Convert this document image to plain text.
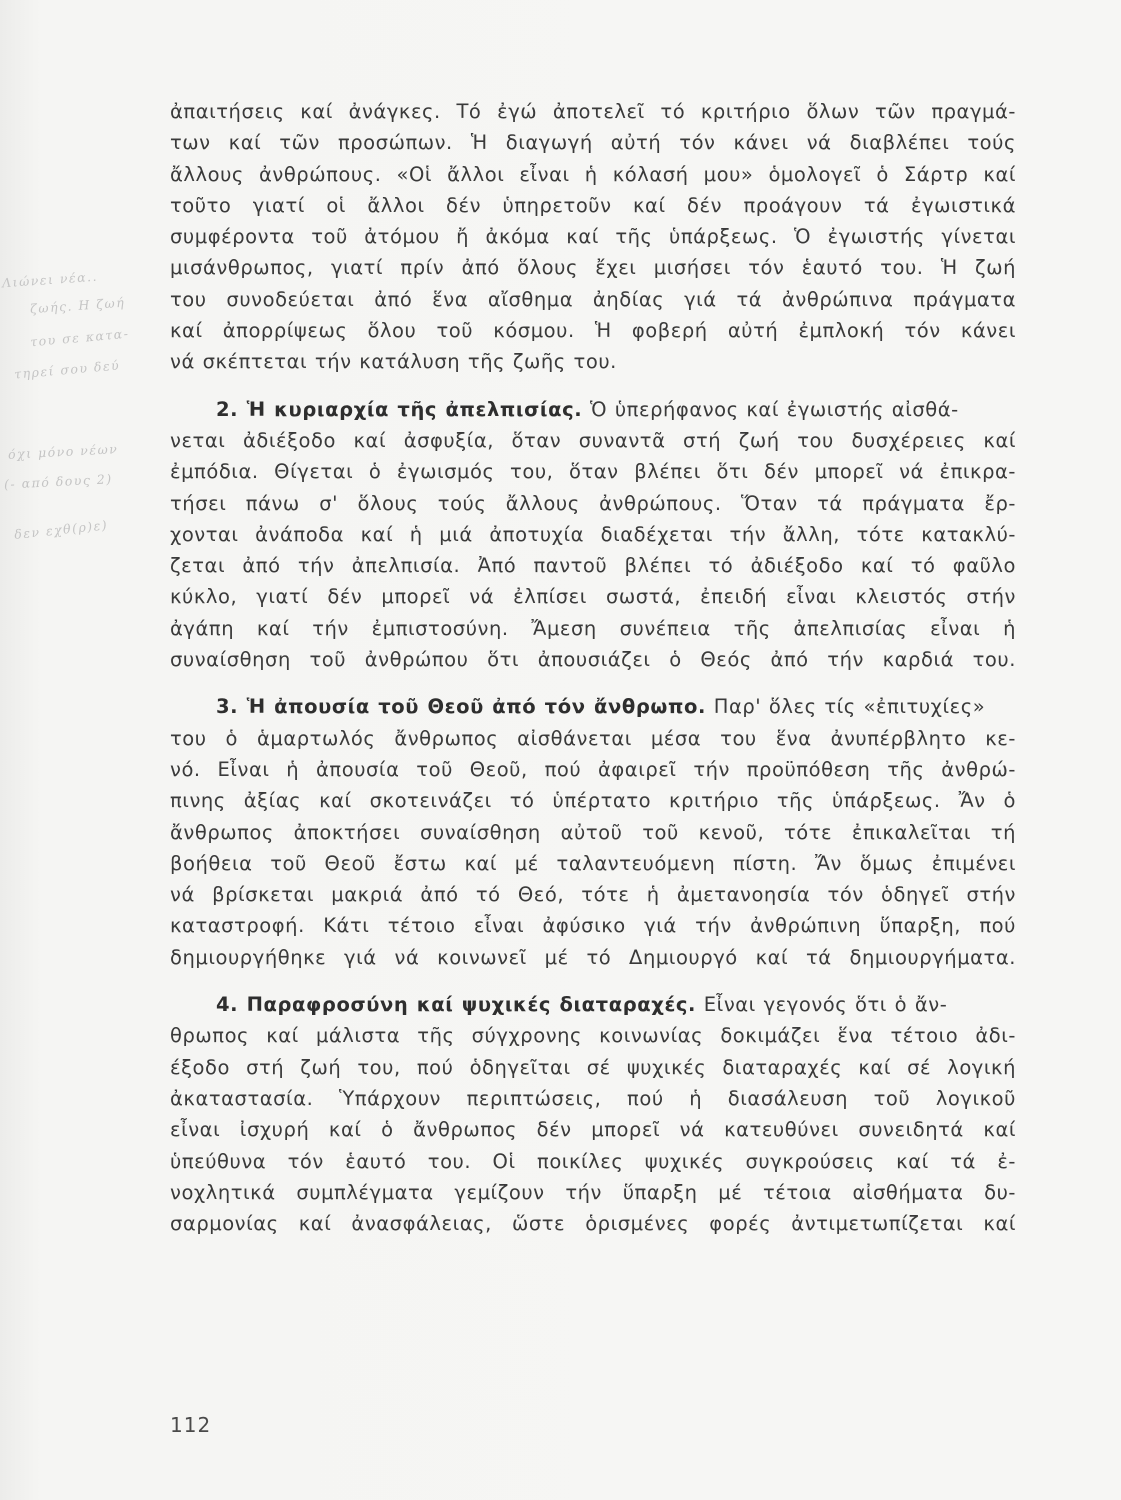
Λιώνει νέα..
ζωής. Η ζωή
του σε κατα-
τηρεί σου δεύ
όχι μόνο νέων
(- από δους 2)
δεν εχθ(ρ)ε)
ἀπαιτήσεις καί ἀνάγκες. Τό ἐγώ ἀποτελεῖ τό κριτήριο ὅλων τῶν πραγμά-
των καί τῶν προσώπων. Ἡ διαγωγή αὐτή τόν κάνει νά διαβλέπει τούς
ἄλλους ἀνθρώπους. «Οἱ ἄλλοι εἶναι ἡ κόλασή μου» ὁμολογεῖ ὁ Σάρτρ καί
τοῦτο γιατί οἱ ἄλλοι δέν ὑπηρετοῦν καί δέν προάγουν τά ἐγωιστικά
συμφέροντα τοῦ ἀτόμου ἤ ἀκόμα καί τῆς ὑπάρξεως. Ὁ ἐγωιστής γίνεται
μισάνθρωπος, γιατί πρίν ἀπό ὅλους ἔχει μισήσει τόν ἑαυτό του. Ἡ ζωή
του συνοδεύεται ἀπό ἕνα αἴσθημα ἀηδίας γιά τά ἀνθρώπινα πράγματα
καί ἀπορρίψεως ὅλου τοῦ κόσμου. Ἡ φοβερή αὐτή ἐμπλοκή τόν κάνει
νά σκέπτεται τήν κατάλυση τῆς ζωῆς του.
2. Ἡ κυριαρχία τῆς ἀπελπισίας. Ὁ ὑπερήφανος καί ἐγωιστής αἰσθά-
νεται ἀδιέξοδο καί ἀσφυξία, ὅταν συναντᾶ στή ζωή του δυσχέρειες καί
ἐμπόδια. Θίγεται ὁ ἐγωισμός του, ὅταν βλέπει ὅτι δέν μπορεῖ νά ἐπικρα-
τήσει πάνω σ' ὅλους τούς ἄλλους ἀνθρώπους. Ὅταν τά πράγματα ἔρ-
χονται ἀνάποδα καί ἡ μιά ἀποτυχία διαδέχεται τήν ἄλλη, τότε κατακλύ-
ζεται ἀπό τήν ἀπελπισία. Ἀπό παντοῦ βλέπει τό ἀδιέξοδο καί τό φαῦλο
κύκλο, γιατί δέν μπορεῖ νά ἐλπίσει σωστά, ἐπειδή εἶναι κλειστός στήν
ἀγάπη καί τήν ἐμπιστοσύνη. Ἄμεση συνέπεια τῆς ἀπελπισίας εἶναι ἡ
συναίσθηση τοῦ ἀνθρώπου ὅτι ἀπουσιάζει ὁ Θεός ἀπό τήν καρδιά του.
3. Ἡ ἀπουσία τοῦ Θεοῦ ἀπό τόν ἄνθρωπο. Παρ' ὅλες τίς «ἐπιτυχίες»
του ὁ ἁμαρτωλός ἄνθρωπος αἰσθάνεται μέσα του ἕνα ἀνυπέρβλητο κε-
νό. Εἶναι ἡ ἀπουσία τοῦ Θεοῦ, πού ἀφαιρεῖ τήν προϋπόθεση τῆς ἀνθρώ-
πινης ἀξίας καί σκοτεινάζει τό ὑπέρτατο κριτήριο τῆς ὑπάρξεως. Ἄν ὁ
ἄνθρωπος ἀποκτήσει συναίσθηση αὐτοῦ τοῦ κενοῦ, τότε ἐπικαλεῖται τή
βοήθεια τοῦ Θεοῦ ἔστω καί μέ ταλαντευόμενη πίστη. Ἄν ὅμως ἐπιμένει
νά βρίσκεται μακριά ἀπό τό Θεό, τότε ἡ ἀμετανοησία τόν ὁδηγεῖ στήν
καταστροφή. Κάτι τέτοιο εἶναι ἀφύσικο γιά τήν ἀνθρώπινη ὕπαρξη, πού
δημιουργήθηκε γιά νά κοινωνεῖ μέ τό Δημιουργό καί τά δημιουργήματα.
4. Παραφροσύνη καί ψυχικές διαταραχές. Εἶναι γεγονός ὅτι ὁ ἄν-
θρωπος καί μάλιστα τῆς σύγχρονης κοινωνίας δοκιμάζει ἕνα τέτοιο ἀδι-
έξοδο στή ζωή του, πού ὁδηγεῖται σέ ψυχικές διαταραχές καί σέ λογική
ἀκαταστασία. Ὑπάρχουν περιπτώσεις, πού ἡ διασάλευση τοῦ λογικοῦ
εἶναι ἰσχυρή καί ὁ ἄνθρωπος δέν μπορεῖ νά κατευθύνει συνειδητά καί
ὑπεύθυνα τόν ἑαυτό του. Οἱ ποικίλες ψυχικές συγκρούσεις καί τά ἐ-
νοχλητικά συμπλέγματα γεμίζουν τήν ὕπαρξη μέ τέτοια αἰσθήματα δυ-
σαρμονίας καί ἀνασφάλειας, ὥστε ὁρισμένες φορές ἀντιμετωπίζεται καί
112
